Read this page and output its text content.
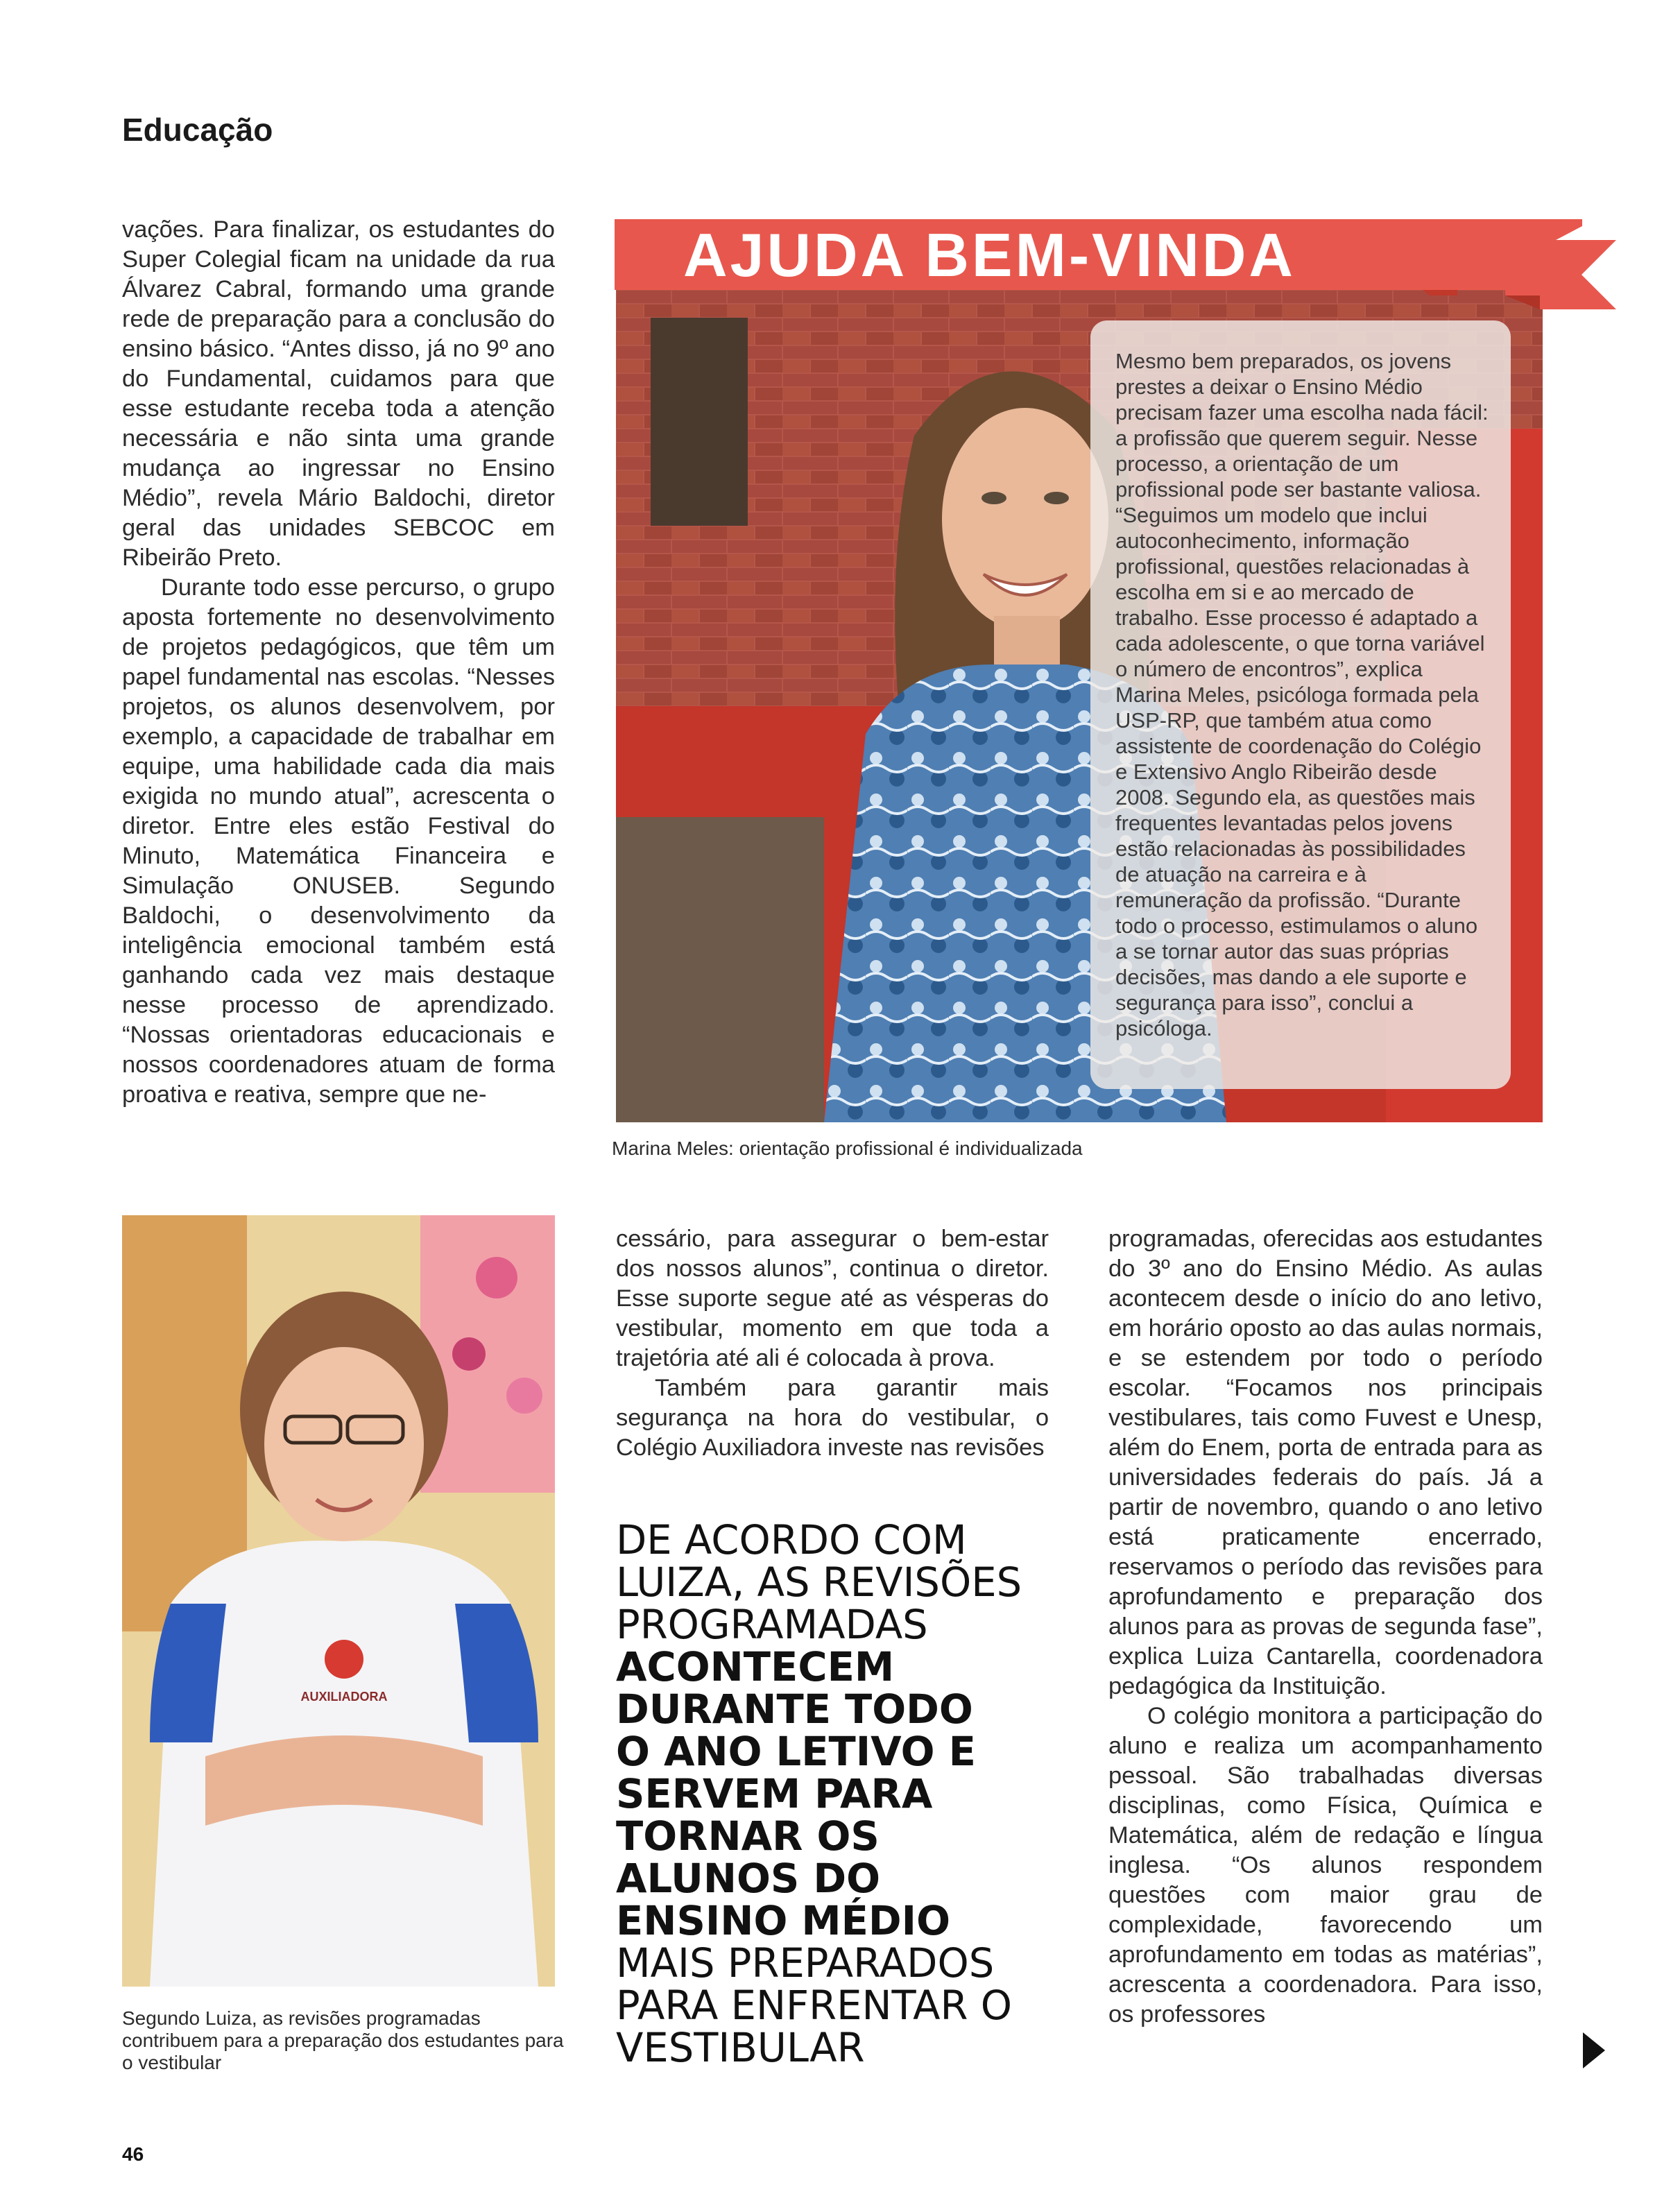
Educação

vações. Para finalizar, os estudantes do Super Colegial ficam na unidade da rua Álvarez Cabral, formando uma grande rede de preparação para a conclusão do ensino básico. “Antes disso, já no 9º ano do Fundamental, cuidamos para que esse estudante receba toda a atenção necessária e não sinta uma grande mudança ao ingressar no Ensino Médio”, revela Mário Baldochi, diretor geral das unidades SEBCOC em Ribeirão Preto.

Durante todo esse percurso, o grupo aposta fortemente no desenvolvimento de projetos pedagógicos, que têm um papel fundamental nas escolas. “Nesses projetos, os alunos desenvolvem, por exemplo, a capacidade de trabalhar em equipe, uma habilidade cada dia mais exigida no mundo atual”, acrescenta o diretor. Entre eles estão Festival do Minuto, Matemática Financeira e Simulação ONUSEB. Segundo Baldochi, o desenvolvimento da inteligência emocional também está ganhando cada vez mais destaque nesse processo de aprendizado. “Nossas orientadoras educacionais e nossos coordenadores atuam de forma proativa e reativa, sempre que ne-

AJUDA BEM-VINDA

Mesmo bem preparados, os jovens prestes a deixar o Ensino Médio precisam fazer uma escolha nada fácil: a profissão que querem seguir. Nesse processo, a orientação de um profissional pode ser bastante valiosa. “Seguimos um modelo que inclui autoconhecimento, informação profissional, questões relacionadas à escolha em si e ao mercado de trabalho. Esse processo é adaptado a cada adolescente, o que torna variável o número de encontros”, explica Marina Meles, psicóloga formada pela USP-RP, que também atua como assistente de coordenação do Colégio e Extensivo Anglo Ribeirão desde 2008. Segundo ela, as questões mais frequentes levantadas pelos jovens estão relacionadas às possibilidades de atuação na carreira e à remuneração da profissão. “Durante todo o processo, estimulamos o aluno a se tornar autor das suas próprias decisões, mas dando a ele suporte e segurança para isso”, conclui a psicóloga.

Marina Meles: orientação profissional é individualizada
AUXILIADORA
Segundo Luiza, as revisões programadas contribuem para a preparação dos estudantes para o vestibular

cessário, para assegurar o bem-estar dos nossos alunos”, continua o diretor. Esse suporte segue até as vésperas do vestibular, momento em que toda a trajetória até ali é colocada à prova.

Também para garantir mais segurança na hora do vestibular, o Colégio Auxiliadora investe nas revisões

DE ACORDO COM
LUIZA, AS REVISÕES
PROGRAMADAS
ACONTECEM
DURANTE TODO
O ANO LETIVO E
SERVEM PARA
TORNAR OS
ALUNOS DO
ENSINO MÉDIO
MAIS PREPARADOS
PARA ENFRENTAR O
VESTIBULAR

programadas, oferecidas aos estudantes do 3º ano do Ensino Médio. As aulas acontecem desde o início do ano letivo, em horário oposto ao das aulas normais, e se estendem por todo o período escolar. “Focamos nos principais vestibulares, tais como Fuvest e Unesp, além do Enem, porta de entrada para as universidades federais do país. Já a partir de novembro, quando o ano letivo está praticamente encerrado, reservamos o período das revisões para aprofundamento e preparação dos alunos para as provas de segunda fase”, explica Luiza Cantarella, coordenadora pedagógica da Instituição.

O colégio monitora a participação do aluno e realiza um acompanhamento pessoal. São trabalhadas diversas disciplinas, como Física, Química e Matemática, além de redação e língua inglesa. “Os alunos respondem questões com maior grau de complexidade, favorecendo um aprofundamento em todas as matérias”, acrescenta a coordenadora. Para isso, os professores

46
